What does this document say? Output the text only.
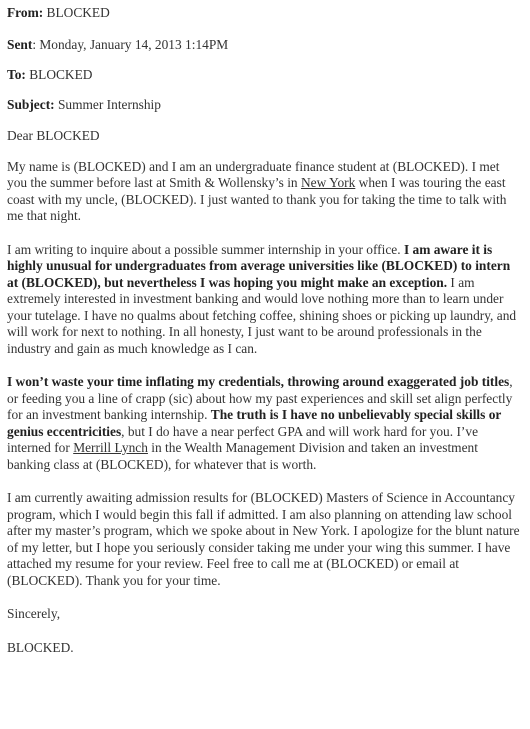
From: BLOCKED

Sent: Monday, January 14, 2013 1:14PM

To: BLOCKED

Subject: Summer Internship

Dear BLOCKED

My name is (BLOCKED) and I am an undergraduate finance student at (BLOCKED). I met you the summer before last at Smith & Wollensky’s in New York when I was touring the east coast with my uncle, (BLOCKED). I just wanted to thank you for taking the time to talk with me that night.

I am writing to inquire about a possible summer internship in your office. I am aware it is highly unusual for undergraduates from average universities like (BLOCKED) to intern at (BLOCKED), but nevertheless I was hoping you might make an exception. I am extremely interested in investment banking and would love nothing more than to learn under your tutelage. I have no qualms about fetching coffee, shining shoes or picking up laundry, and will work for next to nothing. In all honesty, I just want to be around professionals in the industry and gain as much knowledge as I can.

I won’t waste your time inflating my credentials, throwing around exaggerated job titles, or feeding you a line of crapp (sic) about how my past experiences and skill set align perfectly for an investment banking internship. The truth is I have no unbelievably special skills or genius eccentricities, but I do have a near perfect GPA and will work hard for you. I’ve interned for Merrill Lynch in the Wealth Management Division and taken an investment banking class at (BLOCKED), for whatever that is worth.

I am currently awaiting admission results for (BLOCKED) Masters of Science in Accountancy program, which I would begin this fall if admitted. I am also planning on attending law school after my master’s program, which we spoke about in New York. I apologize for the blunt nature of my letter, but I hope you seriously consider taking me under your wing this summer. I have attached my resume for your review. Feel free to call me at (BLOCKED) or email at (BLOCKED). Thank you for your time.

Sincerely,

BLOCKED.
